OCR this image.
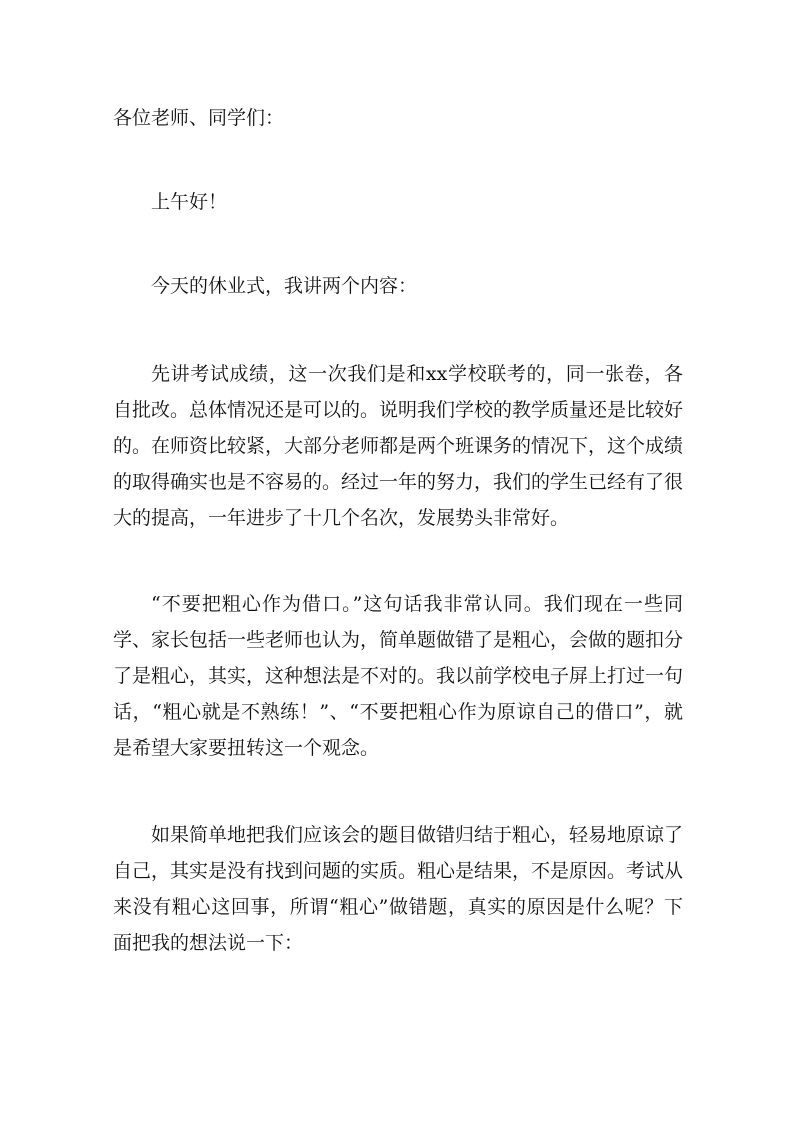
各位老师、同学们：

上午好！

今天的休业式，我讲两个内容：

先讲考试成绩，这一次我们是和xx学校联考的，同一张卷，各自批改。总体情况还是可以的。说明我们学校的教学质量还是比较好的。在师资比较紧，大部分老师都是两个班课务的情况下，这个成绩的取得确实也是不容易的。经过一年的努力，我们的学生已经有了很大的提高，一年进步了十几个名次，发展势头非常好。

“不要把粗心作为借口。”这句话我非常认同。我们现在一些同学、家长包括一些老师也认为，简单题做错了是粗心，会做的题扣分了是粗心，其实，这种想法是不对的。我以前学校电子屏上打过一句话，“粗心就是不熟练！”、“不要把粗心作为原谅自己的借口”，就是希望大家要扭转这一个观念。

如果简单地把我们应该会的题目做错归结于粗心，轻易地原谅了自己，其实是没有找到问题的实质。粗心是结果，不是原因。考试从来没有粗心这回事，所谓“粗心”做错题，真实的原因是什么呢？下面把我的想法说一下：
